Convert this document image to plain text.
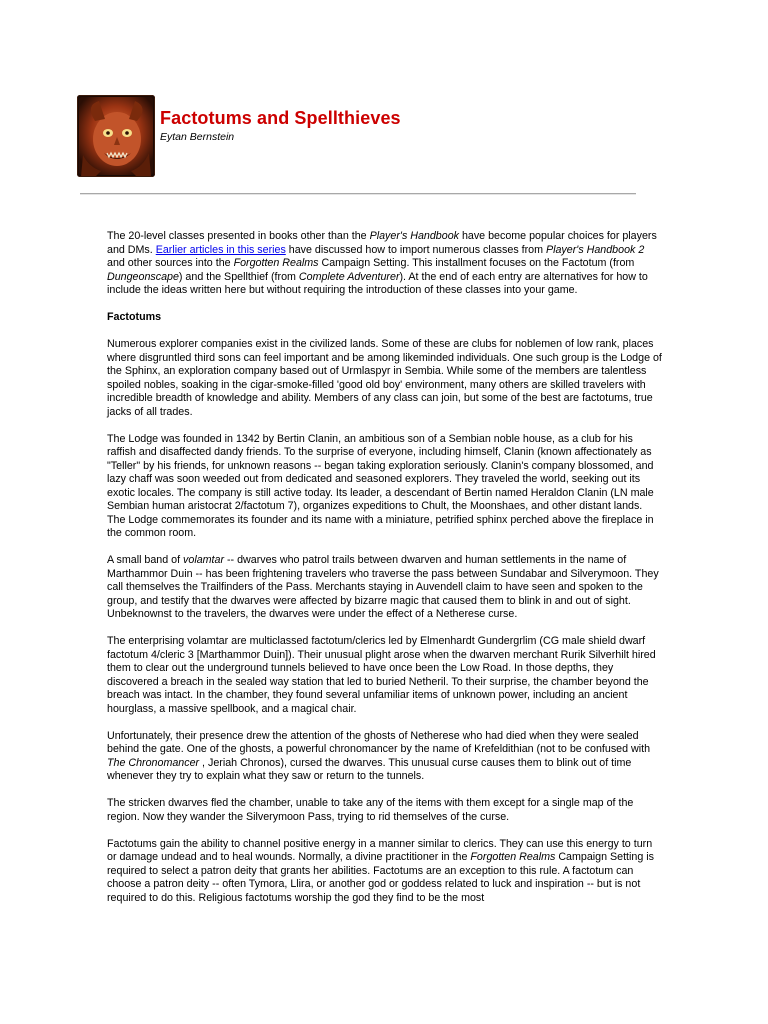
Factotums and Spellthieves
Eytan Bernstein

The 20-level classes presented in books other than the Player's Handbook have become popular choices for players and DMs. Earlier articles in this series have discussed how to import numerous classes from Player's Handbook 2 and other sources into the Forgotten Realms Campaign Setting. This installment focuses on the Factotum (from Dungeonscape) and the Spellthief (from Complete Adventurer). At the end of each entry are alternatives for how to include the ideas written here but without requiring the introduction of these classes into your game.

Factotums

Numerous explorer companies exist in the civilized lands. Some of these are clubs for noblemen of low rank, places where disgruntled third sons can feel important and be among likeminded individuals. One such group is the Lodge of the Sphinx, an exploration company based out of Urmlaspyr in Sembia. While some of the members are talentless spoiled nobles, soaking in the cigar-smoke-filled 'good old boy' environment, many others are skilled travelers with incredible breadth of knowledge and ability. Members of any class can join, but some of the best are factotums, true jacks of all trades.

The Lodge was founded in 1342 by Bertin Clanin, an ambitious son of a Sembian noble house, as a club for his raffish and disaffected dandy friends. To the surprise of everyone, including himself, Clanin (known affectionately as "Teller" by his friends, for unknown reasons -- began taking exploration seriously. Clanin's company blossomed, and lazy chaff was soon weeded out from dedicated and seasoned explorers. They traveled the world, seeking out its exotic locales. The company is still active today. Its leader, a descendant of Bertin named Heraldon Clanin (LN male Sembian human aristocrat 2/factotum 7), organizes expeditions to Chult, the Moonshaes, and other distant lands. The Lodge commemorates its founder and its name with a miniature, petrified sphinx perched above the fireplace in the common room.

A small band of volamtar -- dwarves who patrol trails between dwarven and human settlements in the name of Marthammor Duin -- has been frightening travelers who traverse the pass between Sundabar and Silverymoon. They call themselves the Trailfinders of the Pass. Merchants staying in Auvendell claim to have seen and spoken to the group, and testify that the dwarves were affected by bizarre magic that caused them to blink in and out of sight. Unbeknownst to the travelers, the dwarves were under the effect of a Netherese curse.

The enterprising volamtar are multiclassed factotum/clerics led by Elmenhardt Gundergrlim (CG male shield dwarf factotum 4/cleric 3 [Marthammor Duin]). Their unusual plight arose when the dwarven merchant Rurik Silverhilt hired them to clear out the underground tunnels believed to have once been the Low Road. In those depths, they discovered a breach in the sealed way station that led to buried Netheril. To their surprise, the chamber beyond the breach was intact. In the chamber, they found several unfamiliar items of unknown power, including an ancient hourglass, a massive spellbook, and a magical chair.

Unfortunately, their presence drew the attention of the ghosts of Netherese who had died when they were sealed behind the gate. One of the ghosts, a powerful chronomancer by the name of Krefeldithian (not to be confused with The Chronomancer , Jeriah Chronos), cursed the dwarves. This unusual curse causes them to blink out of time whenever they try to explain what they saw or return to the tunnels.

The stricken dwarves fled the chamber, unable to take any of the items with them except for a single map of the region. Now they wander the Silverymoon Pass, trying to rid themselves of the curse.

Factotums gain the ability to channel positive energy in a manner similar to clerics. They can use this energy to turn or damage undead and to heal wounds. Normally, a divine practitioner in the Forgotten Realms Campaign Setting is required to select a patron deity that grants her abilities. Factotums are an exception to this rule. A factotum can choose a patron deity -- often Tymora, Llira, or another god or goddess related to luck and inspiration -- but is not required to do this. Religious factotums worship the god they find to be the most
